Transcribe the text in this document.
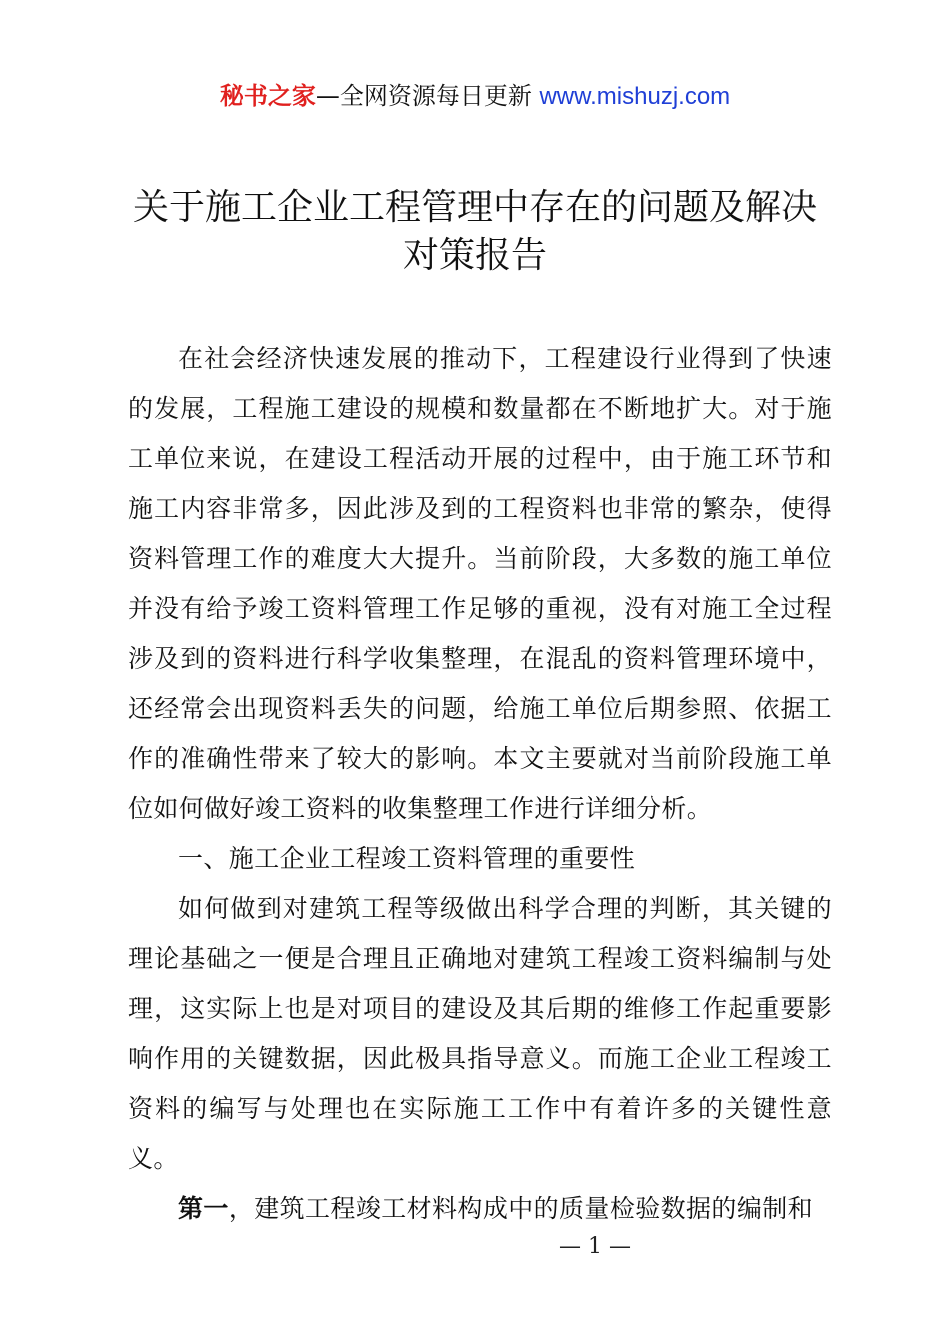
秘书之家—全网资源每日更新 www.mishuzj.com
关于施工企业工程管理中存在的问题及解决
对策报告

在社会经济快速发展的推动下，工程建设行业得到了快速的发展，工程施工建设的规模和数量都在不断地扩大。对于施工单位来说，在建设工程活动开展的过程中，由于施工环节和施工内容非常多，因此涉及到的工程资料也非常的繁杂，使得资料管理工作的难度大大提升。当前阶段，大多数的施工单位并没有给予竣工资料管理工作足够的重视，没有对施工全过程涉及到的资料进行科学收集整理，在混乱的资料管理环境中，还经常会出现资料丢失的问题，给施工单位后期参照、依据工作的准确性带来了较大的影响。本文主要就对当前阶段施工单位如何做好竣工资料的收集整理工作进行详细分析。

一、施工企业工程竣工资料管理的重要性

如何做到对建筑工程等级做出科学合理的判断，其关键的理论基础之一便是合理且正确地对建筑工程竣工资料编制与处理，这实际上也是对项目的建设及其后期的维修工作起重要影响作用的关键数据，因此极具指导意义。而施工企业工程竣工资料的编写与处理也在实际施工工作中有着许多的关键性意义。

第一，建筑工程竣工材料构成中的质量检验数据的编制和

— 1 —
